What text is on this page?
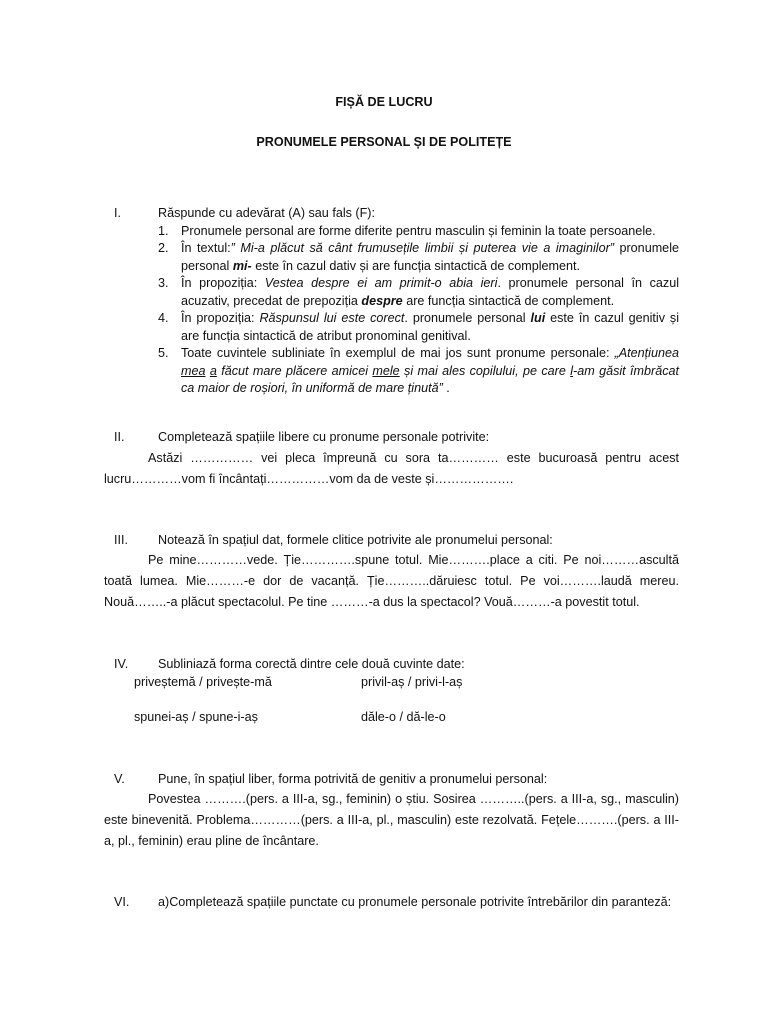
FIȘĂ DE LUCRU
PRONUMELE PERSONAL ȘI DE POLITEȚE
I.	Răspunde cu adevărat (A) sau fals (F):
1. Pronumele personal are forme diferite pentru masculin și feminin la toate persoanele.
2. În textul:” Mi-a plăcut să cânt frumusețile limbii și puterea vie a imaginilor” pronumele personal mi- este în cazul dativ și are funcția sintactică de complement.
3. În propoziția: Vestea despre ei am primit-o abia ieri. pronumele personal în cazul acuzativ, precedat de prepoziția despre are funcția sintactică de complement.
4. În propoziția: Răspunsul lui este corect. pronumele personal lui este în cazul genitiv și are funcția sintactică de atribut pronominal genitival.
5. Toate cuvintele subliniate în exemplul de mai jos sunt pronume personale: „Atențiunea mea a făcut mare plăcere amicei mele și mai ales copilului, pe care l-am găsit îmbrăcat ca maior de roșiori, în uniformă de mare ținută” .
II.	Completează spațiile libere cu pronume personale potrivite:
Astăzi …………… vei pleca împreună cu sora ta………… este bucuroasă pentru acest lucru…………vom fi încântați……………vom da de veste și……………….
III. Notează în spațiul dat, formele clitice potrivite ale pronumelui personal:
Pe mine…………vede. Ție………….spune totul. Mie……….place a citi. Pe noi………ascultă toată lumea. Mie………-e dor de vacanță. Ție………..dăruiesc totul. Pe voi……….laudă mereu. Nouă……..-a plăcut spectacolul. Pe tine ………-a dus la spectacol? Vouă………-a povestit totul.
IV. Subliniază forma corectă dintre cele două cuvinte date:
priveștemă / privește-mă	privil-aș / privi-l-aș
spunei-aș / spune-i-aș	dăle-o / dă-le-o
V.	Pune, în spațiul liber, forma potrivită de genitiv a pronumelui personal:
Povestea ……….(pers. a III-a, sg., feminin) o știu. Sosirea ………..(pers. a III-a, sg., masculin) este binevenită. Problema…………(pers. a III-a, pl., masculin) este rezolvată. Fețele……….(pers. a III-a, pl., feminin) erau pline de încântare.
VI. a)Completează spațiile punctate cu pronumele personale potrivite întrebărilor din paranteză:
